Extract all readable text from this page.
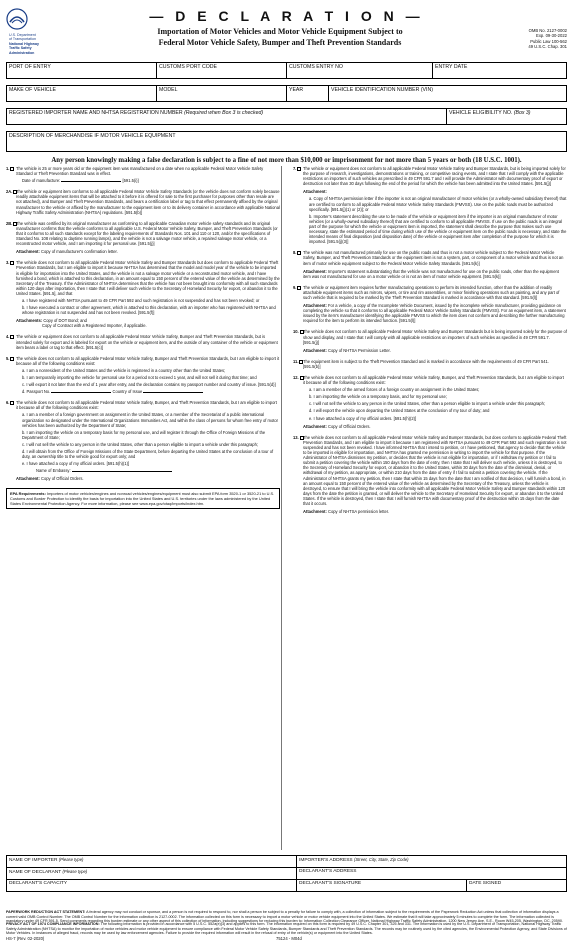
U.S. Department
of Transportation
National Highway
Traffic Safety
Administration
— D E C L A R A T I O N —
Importation of Motor Vehicles and Motor Vehicle Equipment Subject to
Federal Motor Vehicle Safety, Bumper and Theft Prevention Standards
OMB No. 2127-0002
Exp. 09-30-2022
Public Law 100-562
49 U.S.C. Chap. 301
PORT OF ENTRY	CUSTOMS PORT CODE	CUSTOMS ENTRY NO	ENTRY DATE
MAKE OF VEHICLE	MODEL	YEAR	VEHICLE IDENTIFICATION NUMBER (VIN)
REGISTERED IMPORTER NAME AND NHTSA REGISTRATION NUMBER (Required when Box 3 is checked)	VEHICLE ELIGIBILITY NO. (Box 3)
DESCRIPTION OF MERCHANDISE IF MOTOR VEHICLE EQUIPMENT
Any person knowingly making a false declaration is subject to a fine of not more than $10,000 or imprisonment for not more than 5 years or both (18 U.S.C. 1001).
1.	The vehicle is 25 or more years old or the equipment item was manufactured on a date when no applicable Federal Motor Vehicle Safety Standard or Theft Prevention Standard was in effect.
Date of manufacture:	[591.5(i)]
2A. The vehicle or equipment item conforms to all applicable Federal Motor Vehicle Safety Standards (or the vehicle does not conform solely because readily attachable equipment items that will be attached to it before it is offered for sale to the first purchaser for purposes other than resale are not attached), and Bumper and Theft Prevention Standards, and bears a certification label or tag to that effect permanently affixed by the original manufacturer to the vehicle or affixed by the manufacturer to the equipment item or to its delivery container in accordance with applicable National Highway Traffic Safety Administration (NHTSA) regulations. [591.5(b)]
2B. The vehicle was certified by its original manufacturer as conforming to all applicable Canadian motor vehicle safety standards and its original manufacturer confirms that the vehicle conforms to all applicable U.S. Federal Motor Vehicle Safety, Bumper, and Theft Prevention Standards (or that it conforms to all such standards except for the labeling requirements of Standards Nos. 101 and 110 or 120, and/or the specifications of Standard No. 108 relating to daytime running lamps), and the vehicle is not a salvage motor vehicle, a repaired salvage motor vehicle, or a reconstructed motor vehicle, and I am importing it for personal use. [591.5(j)]
Attachment: Copy of manufacturer's confirmation letter.
3.	The vehicle does not conform to all applicable Federal Motor Vehicle Safety and Bumper Standards but does conform to applicable Federal Theft Prevention Standards, but I am eligible to import it because NHTSA has determined that the model and model year of the vehicle to be imported is eligible for importation into the United States, and the vehicle is not a salvage motor vehicle or a reconstructed motor vehicle, and I have furnished a bond, which is attached to this declaration, in an amount equal to 150 percent of the entered value of the vehicle as determined by the Secretary of the Treasury. If the Administrator of NHTSA determines that the vehicle has not been brought into conformity with all such standards within 120 days after importation, then I state that I will deliver such vehicle to the Secretary of Homeland Security for export, or abandon it to the United States. [591.5], and that
a. I have registered with NHTSA pursuant to 49 CFR Part 592 and such registration is not suspended and has not been revoked; or
b. I have executed a contract or other agreement, which is attached to this declaration, with an importer who has registered with NHTSA and whose registration is not suspended and has not been revoked. [591.5(f)]
Attachments: Copy of DOT Bond; and
Copy of Contract with a Registered Importer, if applicable.
4.	The vehicle or equipment does not conform to all applicable Federal Motor Vehicle Safety, Bumper and Theft Prevention Standards, but is intended solely for export and is labeled for export on the vehicle or equipment item, and the outside of any container of the vehicle or equipment item bears a label or tag to that effect. [591.5(c)]
5.	The vehicle does not conform to all applicable Federal Motor Vehicle Safety, Bumper and Theft Prevention Standards, but I am eligible to import it because all of the following conditions exist:
a. I am a nonresident of the United States and the vehicle is registered in a country other than the United States;
b. I am temporarily importing the vehicle for personal use for a period not to exceed 1 year, and will not sell it during that time; and
c. I will export it not later than the end of 1 year after entry, and the declaration contains my passport number and country of issue. [591.5(d)]
d. Passport No.	Country of Issue
6.	The vehicle does not conform to all applicable Federal Motor Vehicle Safety, Bumper, and Theft Prevention Standards, but I am eligible to import it because all of the following conditions exist:
a. I am a member of a foreign government on assignment in the United States, or a member of the Secretariat of a public international organization so designated under the International Organizations Immunities Act, and within the class of persons for whom free entry of motor vehicles has been authorized by the Department of State;
b. I am importing the vehicle on a temporary basis for my personal use, and will register it through the Office of Foreign Missions of the Department of State;
c. I will not sell the vehicle to any person in the United States, other than a person eligible to import a vehicle under this paragraph;
d. I will obtain from the Office of Foreign Missions of the State Department, before departing the United States at the conclusion of a tour of duty, an ownership title to the vehicle good for export only; and
e. I have attached a copy of my official orders. [591.5(h)(1)]
Name of Embassy:
Attachment: Copy of Official Orders.
EPA Requirements: Importers of motor vehicles/engines and nonroad vehicles/engines/equipment must also submit EPA form 3520-1 or 3520-21 to U.S. Customs and Border Protection to identify the basis for importation into the United States and U.S. territories under the laws administered by the United States Environmental Protection Agency. For more information, please see www.epa.gov/otaq/imports/index.htm.
7.	The vehicle or equipment does not conform to all applicable Federal Motor Vehicle Safety and Bumper Standards, but is being imported solely for the purpose of research, investigations, demonstrations or training, or competitive racing events, and I state that I will comply with the applicable restrictions on importers of such vehicles as prescribed in 49 CFR 591.7 and I will provide the Administrator with documentary proof of export or destruction not later than 30 days following the end of the period for which the vehicle has been admitted into the United States. [591.5(j)]
Attachment:
a. Copy of NHTSA permission letter if the importer is not an original manufacturer of motor vehicles (or a wholly-owned subsidiary thereof) that are certified to conform to all applicable Federal Motor Vehicle Safety Standards (FMVSS). Use on the public roads must be authorized specifically. [591.5(j)(1) or (2)]; or
b. Importer's statement describing the use to be made of the vehicle or equipment item if the importer is an original manufacturer of motor vehicles (or a wholly-owned subsidiary thereof) that are certified to conform to all applicable FMVSS. If use on the public roads is an integral part of the purpose for which the vehicle or equipment item is imported, the statement shall describe the purpose that makes such use necessary, state the estimated period of time during which use of the vehicle or equipment item on the public roads is necessary, and state the intended means of final disposition (and disposition date) of the vehicle or equipment item after completion of the purpose for which it is imported. [591.5(j)(3)]
8.	The vehicle was not manufactured primarily for use on the public roads and thus is not a motor vehicle subject to the Federal Motor Vehicle Safety, Bumper, and Theft Prevention Standards or the equipment item is not a system, part, or component of a motor vehicle and thus is not an item of motor vehicle equipment subject to the Federal Motor Vehicle Safety Standards. [591.5(k)]
Attachment: Importer's statement substantiating that the vehicle was not manufactured for use on the public roads, other than the equipment item was not manufactured for use on a motor vehicle or is not an item of motor vehicle equipment. [591.5(k)]
9.	The vehicle or equipment item requires further manufacturing operations to perform its intended function, other than the addition of readily attachable equipment items such as mirrors, wipers, or tire and rim assemblies, or minor finishing operations such as painting, and any part of such vehicle that is required to be marked by the Theft Prevention Standard is marked in accordance with that standard. [591.5(l)]
Attachment: For a vehicle, a copy of the Incomplete Vehicle Document, issued by the incomplete vehicle manufacturer, providing guidance on completing the vehicle so that it conforms to all applicable Federal Motor Vehicle Safety Standards (FMVSS). For an equipment item, a statement issued by the item's manufacturer identifying the applicable FMVSS to which the item does not conform and describing the further manufacturing required for the item to perform its intended function. [591.5(l)]
10.	The vehicle does not conform to all applicable Federal Motor Vehicle Safety and Bumper Standards but is being imported solely for the purpose of show and display, and I state that I will comply with all applicable restrictions on importers of such vehicles as specified in 49 CFR 591.7. [591.5(j)]
Attachment: Copy of NHTSA Permission Letter.
11.	The equipment item is subject to the Theft Prevention Standard and is marked in accordance with the requirements of 49 CFR Part 541. [591.5(b)]
12.	The vehicle does not conform to all applicable Federal Motor Vehicle Safety, Bumper, and Theft Prevention Standards, but I am eligible to import it because all of the following conditions exist:
a. I am a member of the armed forces of a foreign country on assignment in the United States;
b. I am importing the vehicle on a temporary basis, and for my personal use;
c. I will not sell the vehicle to any person in the United States, other than a person eligible to import a vehicle under this paragraph;
d. I will export the vehicle upon departing the United States at the conclusion of my tour of duty; and
e. I have attached a copy of my official orders. [591.5(h)(2)]
Attachment: Copy of Official Orders.
13.	The vehicle does not conform to all applicable Federal Motor Vehicle Safety and Bumper Standards, but does conform to applicable Federal Theft Prevention Standards, and I am eligible to import it because I am registered with NHTSA pursuant to 49 CFR Part 592 and such registration is not suspended and has not been revoked. I have informed NHTSA that I intend to petition, or I have petitioned, that agency to decide that the vehicle to be imported is eligible for importation, and NHTSA has granted me permission in writing to import the vehicle for that purpose. If the Administrator of NHTSA dismisses my petition, or decides that the vehicle is not eligible for importation, or if I withdraw my petition or I fail to submit a petition covering the vehicle within 150 days from the date of entry, then I state that I will deliver such vehicle, unless it is destroyed, to the Secretary of Homeland Security for export, or abandon it to the United States, within 30 days from the date of the dismissal, denial, or withdrawal of my petition, as appropriate, or within 210 days from the date of entry if I fail to submit a petition covering the vehicle. If the Administrator of NHTSA grants my petition, then I state that within 15 days from the date that I am notified of that decision, I will furnish a bond, in an amount equal to 150 percent of the entered value of the vehicle as determined by the Secretary of the Treasury, unless the vehicle is destroyed, to ensure that I will bring the vehicle into conformity with all applicable Federal Motor Vehicle Safety and Bumper standards within 120 days from the date the petition is granted, or will deliver the vehicle to the Secretary of Homeland Security for export, or abandon it to the United States. If the vehicle is destroyed, then I state that I will furnish NHTSA with documentary proof of the destruction within 15 days from the date that it occurs.
Attachment: Copy of NHTSA permission letter.
NAME OF IMPORTER (Please type)	IMPORTER'S ADDRESS (Street, City, State, Zip Code)	
NAME OF DECLARANT (Please type)	DECLARANT'S ADDRESS	
DECLARANT'S CAPACITY	DECLARANT'S SIGNATURE	DATE SIGNED
PAPERWORK REDUCTION ACT STATEMENT: A federal agency may not conduct or sponsor, and a person is not required to respond to, nor shall a person be subject to a penalty for failure to comply with, a collection of information subject to the requirements of the Paperwork Reduction Act unless that collection of information displays a current valid OMB Control Number. The OMB Control Number for the information collection is 2127-0002. The information collected on this form is necessary to import a motor vehicle or motor vehicle equipment into the United States. We estimate that it will take approximately 5 minutes to complete the form. The information collected is mandatory under 49 CFR 591.5. Send comments regarding this burden estimate or any other aspect of this collection of information, including suggestions for reducing this burden to: Information Collection Clearance Officer, National Highway Traffic Safety Administration, 1200 New Jersey Ave, S.E., Room W45-205, Washington, DC, 20590.
PRIVACY ACT OF 1974 COMPLIANCE INFORMATION: The following information is provided in accordance with 5 U.S.C. 552a(e)(3) and applies to this form. The information required on this form is required by 49 U.S.C. Chapter 301, 325 and 331. The information is used by the U.S. Department of Transportation, National Highway Traffic Safety Administration (NHTSA) to monitor the importation of motor vehicles and motor vehicle equipment to ensure compliance with Federal Motor Vehicle Safety Standards, Bumper Standards and Theft Prevention Standards. The records may be routinely used by the cited agencies, the Environmental Protection Agency, and State Divisions of Motor Vehicles. In instances of alleged fraud, records may be used by law enforcement agencies. Failure to provide the required information will result in the refusal of entry of the vehicle(s) or equipment into the United States.
HS-7 (Rev. 02-2020)	75124 - M04d
